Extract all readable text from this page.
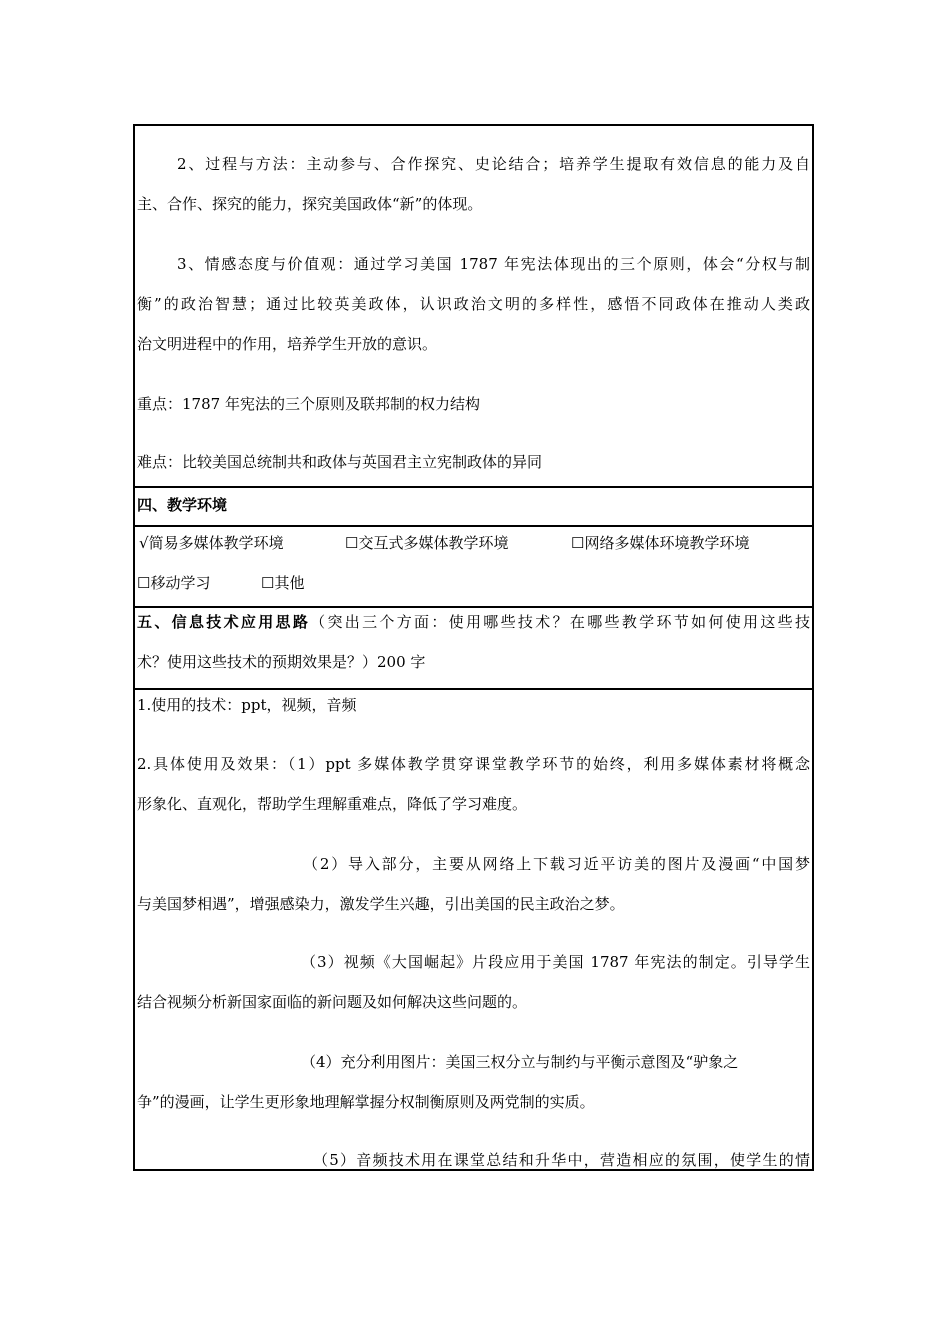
2、过程与方法：主动参与、合作探究、史论结合；培养学生提取有效信息的能力及自
主、合作、探究的能力，探究美国政体“新”的体现。
3、情感态度与价值观：通过学习美国 1787 年宪法体现出的三个原则，体会“分权与制
衡”的政治智慧；通过比较英美政体，认识政治文明的多样性，感悟不同政体在推动人类政
治文明进程中的作用，培养学生开放的意识。
重点：1787 年宪法的三个原则及联邦制的权力结构
难点：比较美国总统制共和政体与英国君主立宪制政体的异同
四、教学环境
√简易多媒体教学环境	☐交互式多媒体教学环境	☐网络多媒体环境教学环境
☐移动学习	☐其他
五、信息技术应用思路（突出三个方面：使用哪些技术？在哪些教学环节如何使用这些技
术？使用这些技术的预期效果是？）200 字
1.使用的技术：ppt，视频，音频
2.具体使用及效果：（1）ppt 多媒体教学贯穿课堂教学环节的始终，利用多媒体素材将概念
形象化、直观化，帮助学生理解重难点，降低了学习难度。
（2）导入部分，主要从网络上下载习近平访美的图片及漫画“中国梦
与美国梦相遇”，增强感染力，激发学生兴趣，引出美国的民主政治之梦。
（3）视频《大国崛起》片段应用于美国 1787 年宪法的制定。引导学生
结合视频分析新国家面临的新问题及如何解决这些问题的。
（4）充分利用图片：美国三权分立与制约与平衡示意图及“驴象之
争”的漫画，让学生更形象地理解掌握分权制衡原则及两党制的实质。
（5）音频技术用在课堂总结和升华中，营造相应的氛围，使学生的情
